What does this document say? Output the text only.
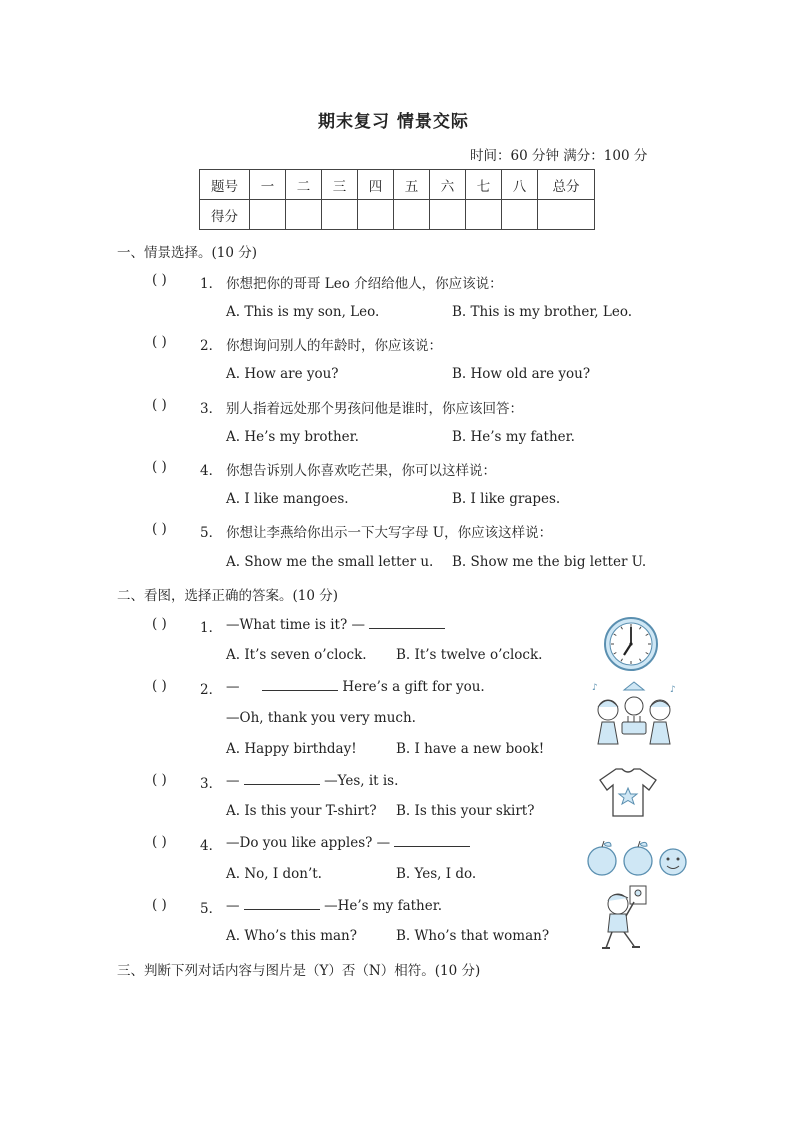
期末复习 情景交际
时间：60 分钟 满分：100 分
题号	一	二	三	四	五	六	七	八	总分
得分									
一、情景选择。(10 分)
( ) 1． 你想把你的哥哥 Leo 介绍给他人，你应该说：
A. This is my son, Leo.	B. This is my brother, Leo.
( ) 2． 你想询问别人的年龄时，你应该说：
A. How are you?	B. How old are you?
( ) 3． 别人指着远处那个男孩问他是谁时，你应该回答：
A. He’s my brother.	B. He’s my father.
( ) 4． 你想告诉别人你喜欢吃芒果，你可以这样说：
A. I like mangoes.	B. I like grapes.
( ) 5． 你想让李燕给你出示一下大写字母 U，你应该这样说：
A. Show me the small letter u. B. Show me the big letter U.
二、看图，选择正确的答案。(10 分)
( ) 1． —What time is it? —
A. It’s seven o’clock. B. It’s twelve o’clock.
( ) 2． —	Here’s a gift for you.
—Oh, thank you very much.
A. Happy birthday!	B. I have a new book!
( ) 3． —	—Yes, it is.
A. Is this your T-shirt? B. Is this your skirt?
( ) 4． —Do you like apples? —
A. No, I don’t.	B. Yes, I do.
( ) 5． —	—He’s my father.
A. Who’s this man?	B. Who’s that woman?
三、判断下列对话内容与图片是（Y）否（N）相符。(10 分)
♪	♪
